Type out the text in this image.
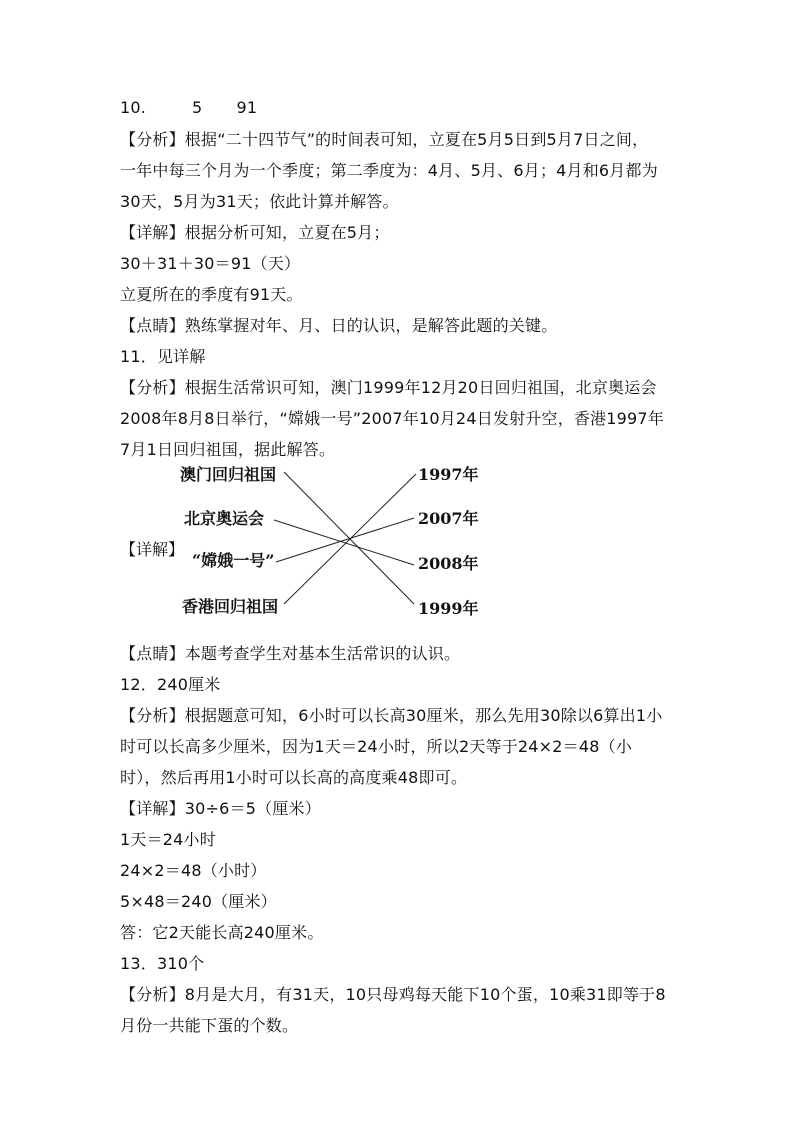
10.	5 91
【分析】根据“二十四节气”的时间表可知，立夏在5月5日到5月7日之间，
一年中每三个月为一个季度；第二季度为：4月、5月、6月；4月和6月都为
30天，5月为31天；依此计算并解答。
【详解】根据分析可知，立夏在5月；
30＋31＋30＝91（天）
立夏所在的季度有91天。
【点睛】熟练掌握对年、月、日的认识，是解答此题的关键。
11．见详解
【分析】根据生活常识可知，澳门1999年12月20日回归祖国，北京奥运会
2008年8月8日举行，“嫦娥一号”2007年10月24日发射升空，香港1997年
7月1日回归祖国，据此解答。
【详解】
澳门回归祖国
北京奥运会
“嫦娥一号”
香港回归祖国
1997年
2007年
2008年
1999年
【点睛】本题考查学生对基本生活常识的认识。
12．240厘米
【分析】根据题意可知，6小时可以长高30厘米，那么先用30除以6算出1小
时可以长高多少厘米，因为1天＝24小时，所以2天等于24×2＝48（小
时），然后再用1小时可以长高的高度乘48即可。
【详解】30÷6＝5（厘米）
1天＝24小时
24×2＝48（小时）
5×48＝240（厘米）
答：它2天能长高240厘米。
13．310个
【分析】8月是大月，有31天，10只母鸡每天能下10个蛋，10乘31即等于8
月份一共能下蛋的个数。
